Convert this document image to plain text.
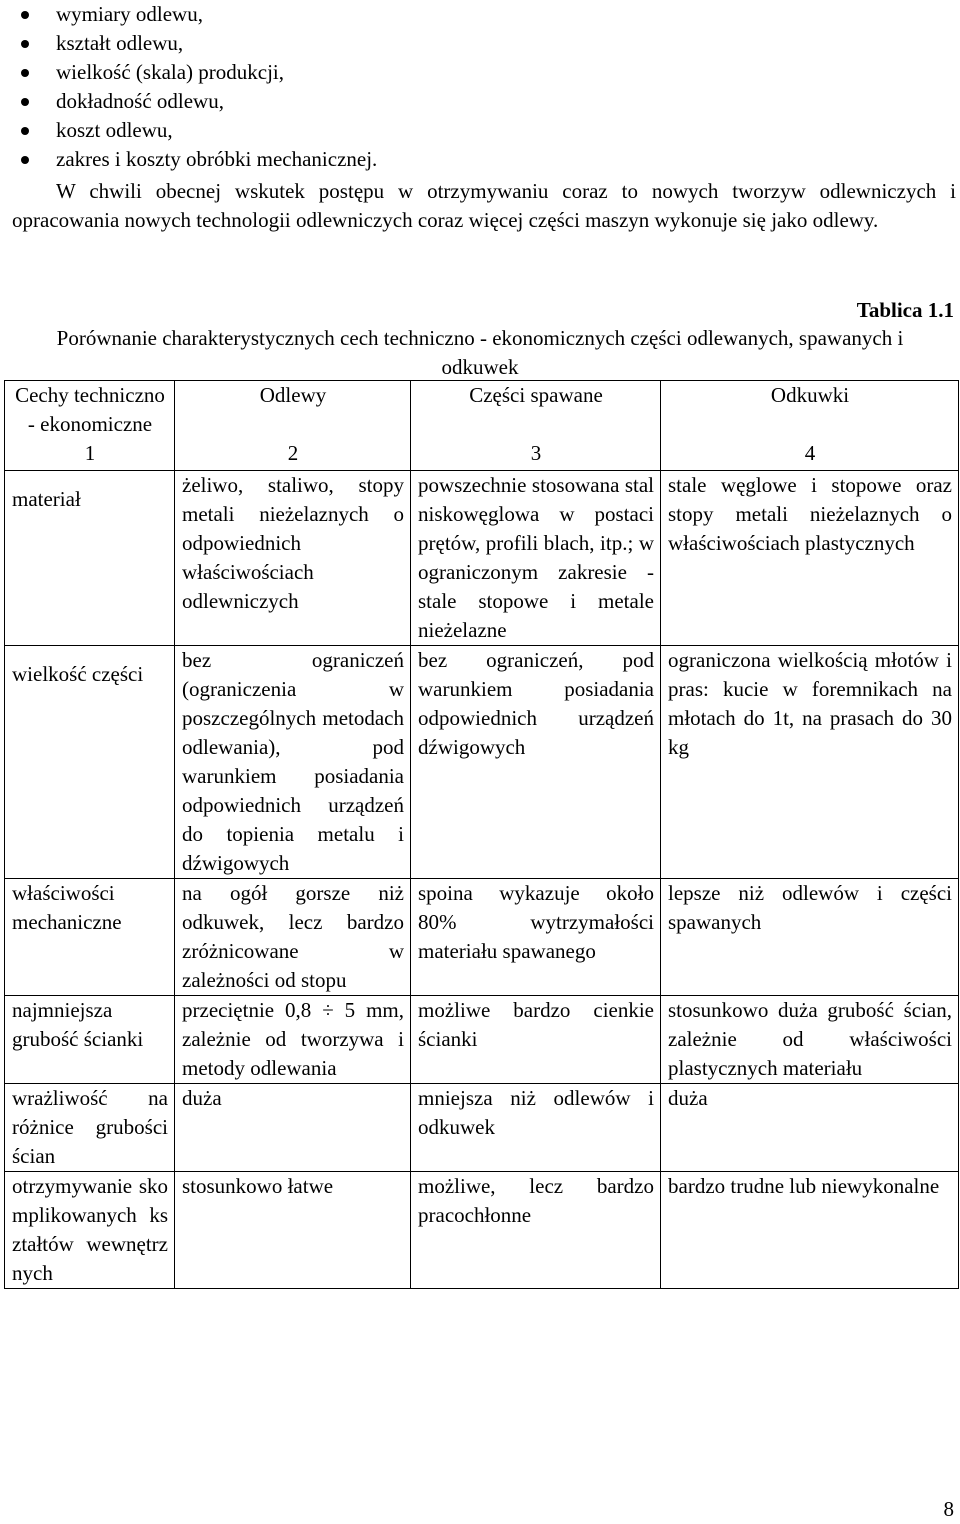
wymiary odlewu,
kształt odlewu,
wielkość (skala) produkcji,
dokładność odlewu,
koszt odlewu,
zakres i koszty obróbki mechanicznej.

W chwili obecnej wskutek postępu w otrzymywaniu coraz to nowych tworzyw odlewniczych i opracowania nowych technologii odlewniczych coraz więcej części maszyn wykonuje się jako odlewy.

Tablica 1.1
Porównanie charakterystycznych cech techniczno - ekonomicznych części odlewanych, spawanych i odkuwek
Cechy techniczno - ekonomiczne	Odlewy	Części spawane	Odkuwki
1	2	3	4
materiał	żeliwo, staliwo, stopy metali nieżelaznych o odpowiednich właściwościach odlewniczych	powszechnie stosowana stal niskowęglowa w postaci prętów, profili blach, itp.; w ograniczonym zakresie - stale stopowe i metale nieżelazne	stale węglowe i stopowe oraz stopy metali nieżelaznych o właściwościach plastycznych
wielkość części	bez ograniczeń (ograniczenia w poszczególnych metodach odlewania), pod warunkiem posiadania odpowiednich urządzeń do topienia metalu i dźwigowych	bez ograniczeń, pod warunkiem posiadania odpowiednich urządzeń dźwigowych	ograniczona wielkością młotów i pras: kucie w foremnikach na młotach do 1t, na prasach do 30 kg
właściwości mechaniczne	na ogół gorsze niż odkuwek, lecz bardzo zróżnicowane w zależności od stopu	spoina wykazuje około 80% wytrzymałości materiału spawanego	lepsze niż odlewów i części spawanych
najmniejsza grubość ścianki	przeciętnie 0,8 ÷ 5 mm, zależnie od tworzywa i metody odlewania	możliwe bardzo cienkie ścianki	stosunkowo duża grubość ścian, zależnie od właściwości plastycznych materiału
wrażliwość na różnice grubości ścian	duża	mniejsza niż odlewów i odkuwek	duża
otrzymywanie skomplikowanych kształtów wewnętrznych	stosunkowo łatwe	możliwe, lecz bardzo pracochłonne	bardzo trudne lub niewykonalne
8
